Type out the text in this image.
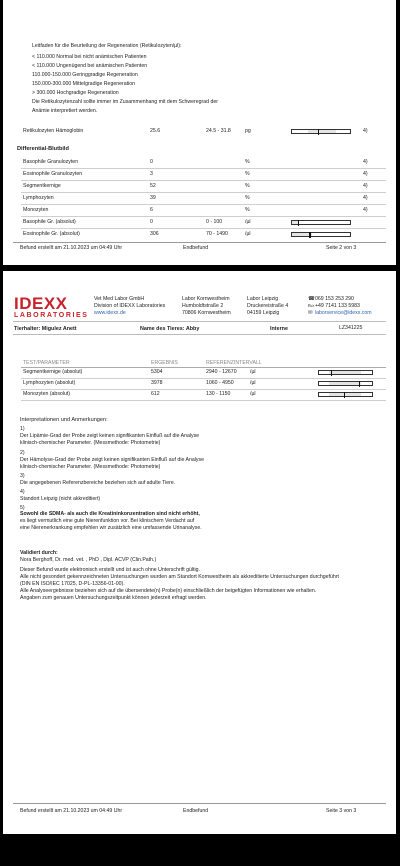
Leitfaden für die Beurteilung der Regeneration (Retikulozyten/µl):
< 110.000 Normal bei nicht anämischen Patienten
< 110.000 Ungenügend bei anämischen Patienten
110.000-150.000 Geringgradige Regeneration
150.000-300.000 Mittelgradige Regeneration
> 300.000 Hochgradige Regeneration
Die Retikulozytenzahl sollte immer im Zusammenhang mit dem Schweregrad der
Anämie interpretiert werden.
Retikulozyten Hämoglobin	25.6	24.5 - 31.8	pg	4)
Differential-Blutbild
Basophile Granulozyten	0	%	4)
Eosinophile Granulozyten	3	%	4)
Segmentkernige	52	%	4)
Lymphozyten	39	%	4)
Monozyten	6	%	4)
Basophile Gr. (absolut)	0	0 - 100	/µl
Eosinophile Gr. (absolut)	306	70 - 1490	/µl
Befund erstellt am 21.10.2023 um 04:49 Uhr	Endbefund	Seite 2 von 3
IDEXX
LABORATORIES
Vet Med Labor GmbH
Division of IDEXX Laboratories
www.idexx.de
Labor Kornwestheim
Humboldtstraße 2
70806 Kornwestheim
Labor Leipzig
Druckereistraße 4
04159 Leipzig
☎ 069 153 253 290
℻ +49 7141 133 5983
✉ laborservice@idexx.com
Tierhalter: Migulez Anett	Name des Tieres: Abby	Interne	LZ341225
TEST/PARAMETER	ERGEBNIS	REFERENZINTERVALL
Segmentkernige (absolut)	5304	2940 - 12670	/µl
Lymphozyten (absolut)	3978	1060 - 4950	/µl
Monozyten (absolut)	612	130 - 1150	/µl
Interpretationen und Anmerkungen:
1)
Der Lipämie-Grad der Probe zeigt keinen signifikanten Einfluß auf die Analyse
klinisch-chemischer Parameter. (Messmethode: Photometrie)
2)
Der Hämolyse-Grad der Probe zeigt keinen signifikanten Einfluß auf die Analyse
klinisch-chemischer Parameter. (Messmethode: Photometrie)
3)
Die angegebenen Referenzbereiche beziehen sich auf adulte Tiere.
4)
Standort Leipzig (nicht akkreditiert)
5)
Sowohl die SDMA- als auch die Kreatininkonzentration sind nicht erhöht,
es liegt vermutlich eine gute Nierenfunktion vor. Bei klinischem Verdacht auf
eine Nierenerkrankung empfehlen wir zusätzlich eine umfassende Urinanalyse.
Validiert durch:
Nora Berghoff, Dr. med. vet. , PhD , Dipl. ACVP (Clin.Path.)
Dieser Befund wurde elektronisch erstellt und ist auch ohne Unterschrift gültig.
Alle nicht gesondert gekennzeichneten Untersuchungen wurden am Standort Kornwestheim als akkreditierte Untersuchungen durchgeführt
(DIN EN ISO/IEC 17025, D-PL-13356-01-00).
Alle Analyseergebnisse beziehen sich auf die übersendete(n) Probe(n) einschließlich der beigefügten Informationen wie erhalten.
Angaben zum genauen Untersuchungszeitpunkt können jederzeit erfragt werden.
Befund erstellt am 21.10.2023 um 04:49 Uhr	Endbefund	Seite 3 von 3
